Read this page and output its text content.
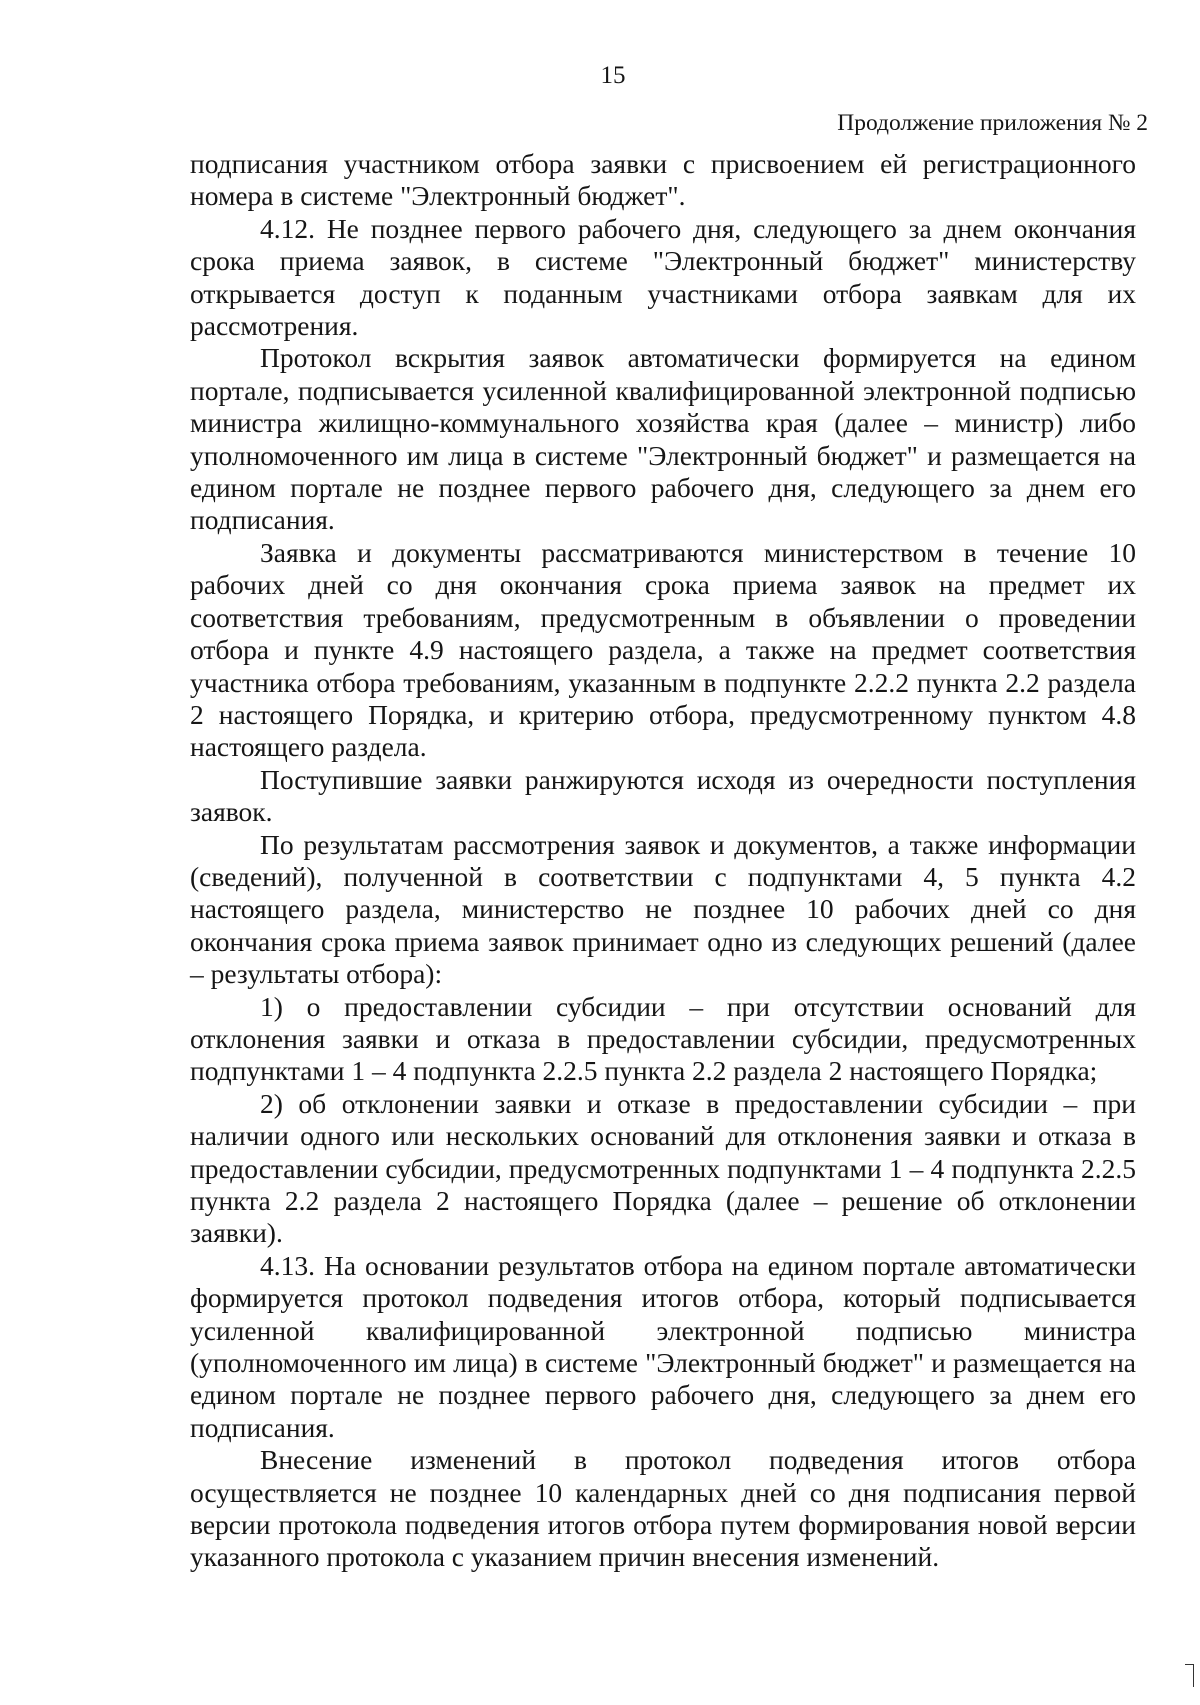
15
Продолжение приложения № 2

подписания участником отбора заявки с присвоением ей регистрационного номера в системе "Электронный бюджет".

4.12. Не позднее первого рабочего дня, следующего за днем окончания срока приема заявок, в системе "Электронный бюджет" министерству открывается доступ к поданным участниками отбора заявкам для их рассмотрения.

Протокол вскрытия заявок автоматически формируется на едином портале, подписывается усиленной квалифицированной электронной подписью министра жилищно-коммунального хозяйства края (далее – министр) либо уполномоченного им лица в системе "Электронный бюджет" и размещается на едином портале не позднее первого рабочего дня, следующего за днем его подписания.

Заявка и документы рассматриваются министерством в течение 10 рабочих дней со дня окончания срока приема заявок на предмет их соответствия требованиям, предусмотренным в объявлении о проведении отбора и пункте 4.9 настоящего раздела, а также на предмет соответствия участника отбора требованиям, указанным в подпункте 2.2.2 пункта 2.2 раздела 2 настоящего Порядка, и критерию отбора, предусмотренному пунктом 4.8 настоящего раздела.

Поступившие заявки ранжируются исходя из очередности поступления заявок.

По результатам рассмотрения заявок и документов, а также информации (сведений), полученной в соответствии с подпунктами 4, 5 пункта 4.2 настоящего раздела, министерство не позднее 10 рабочих дней со дня окончания срока приема заявок принимает одно из следующих решений (далее – результаты отбора):

1) о предоставлении субсидии – при отсутствии оснований для отклонения заявки и отказа в предоставлении субсидии, предусмотренных подпунктами 1 – 4 подпункта 2.2.5 пункта 2.2 раздела 2 настоящего Порядка;

2) об отклонении заявки и отказе в предоставлении субсидии – при наличии одного или нескольких оснований для отклонения заявки и отказа в предоставлении субсидии, предусмотренных подпунктами 1 – 4 подпункта 2.2.5 пункта 2.2 раздела 2 настоящего Порядка (далее – решение об отклонении заявки).

4.13. На основании результатов отбора на едином портале автоматически формируется протокол подведения итогов отбора, который подписывается усиленной квалифицированной электронной подписью министра (уполномоченного им лица) в системе "Электронный бюджет" и размещается на едином портале не позднее первого рабочего дня, следующего за днем его подписания.

Внесение изменений в протокол подведения итогов отбора осуществляется не позднее 10 календарных дней со дня подписания первой версии протокола подведения итогов отбора путем формирования новой версии указанного протокола с указанием причин внесения изменений.
